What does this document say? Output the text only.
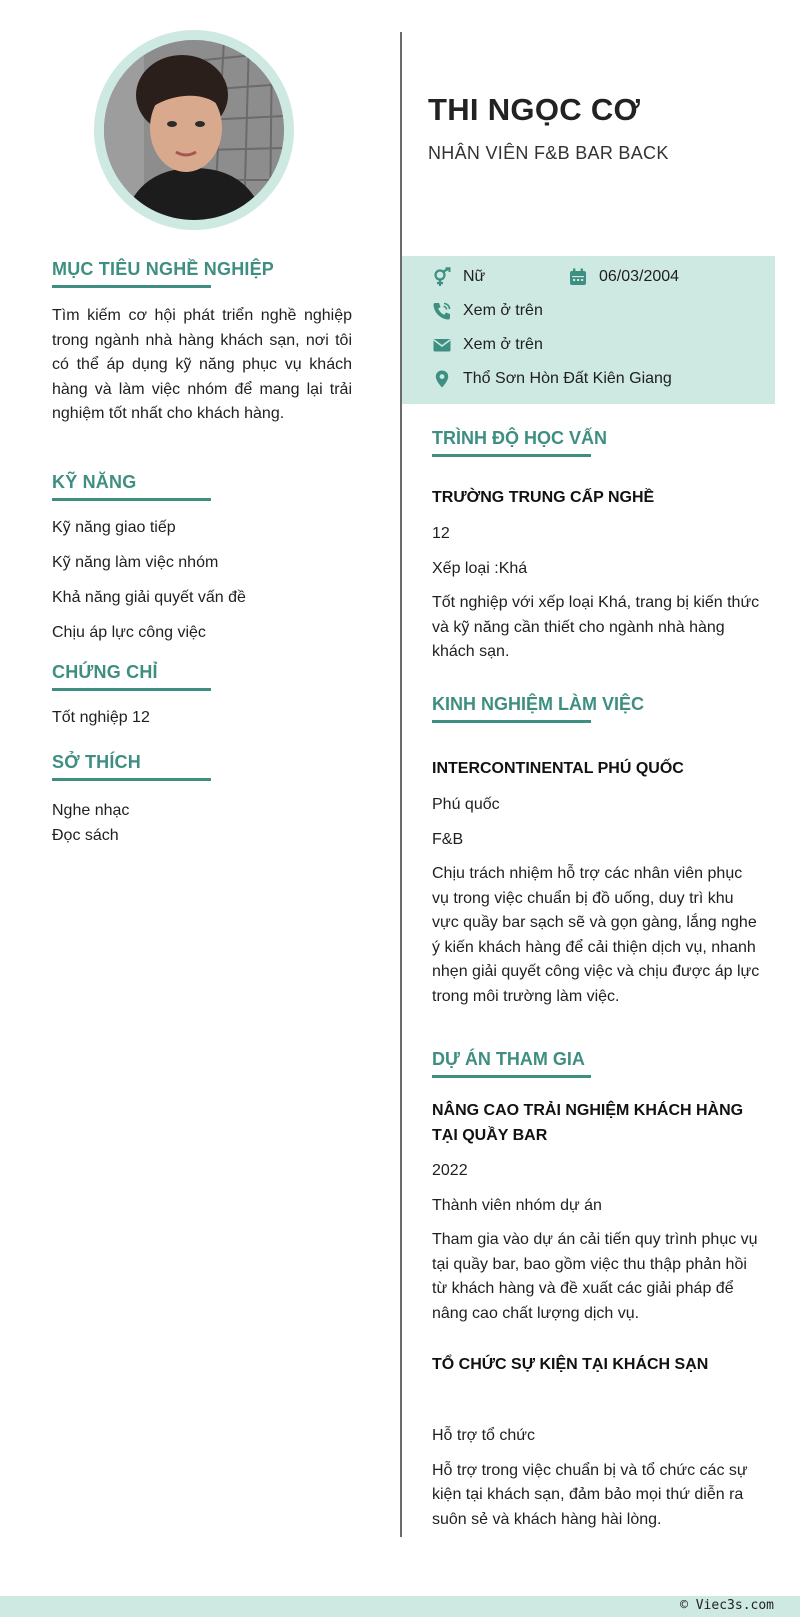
THI NGỌC CƠ
NHÂN VIÊN F&B BAR BACK
Nữ	06/03/2004
Xem ở trên
Xem ở trên
Thổ Sơn Hòn Đất Kiên Giang
MỤC TIÊU NGHỀ NGHIỆP
Tìm kiếm cơ hội phát triển nghề nghiệp trong ngành nhà hàng khách sạn, nơi tôi có thể áp dụng kỹ năng phục vụ khách hàng và làm việc nhóm để mang lại trải nghiệm tốt nhất cho khách hàng.
KỸ NĂNG
Kỹ năng giao tiếp
Kỹ năng làm việc nhóm
Khả năng giải quyết vấn đề
Chịu áp lực công việc
CHỨNG CHỈ
Tốt nghiệp 12
SỞ THÍCH
Nghe nhạc
Đọc sách
TRÌNH ĐỘ HỌC VẤN
TRƯỜNG TRUNG CẤP NGHỀ
12
Xếp loại :Khá
Tốt nghiệp với xếp loại Khá, trang bị kiến thức và kỹ năng cần thiết cho ngành nhà hàng khách sạn.
KINH NGHIỆM LÀM VIỆC
INTERCONTINENTAL PHÚ QUỐC
Phú quốc
F&B
Chịu trách nhiệm hỗ trợ các nhân viên phục vụ trong việc chuẩn bị đồ uống, duy trì khu vực quầy bar sạch sẽ và gọn gàng, lắng nghe ý kiến khách hàng để cải thiện dịch vụ, nhanh nhẹn giải quyết công việc và chịu được áp lực trong môi trường làm việc.
DỰ ÁN THAM GIA
NÂNG CAO TRẢI NGHIỆM KHÁCH HÀNG TẠI QUẦY BAR
2022
Thành viên nhóm dự án
Tham gia vào dự án cải tiến quy trình phục vụ tại quầy bar, bao gồm việc thu thập phản hồi từ khách hàng và đề xuất các giải pháp để nâng cao chất lượng dịch vụ.
TỔ CHỨC SỰ KIỆN TẠI KHÁCH SẠN
Hỗ trợ tổ chức
Hỗ trợ trong việc chuẩn bị và tổ chức các sự kiện tại khách sạn, đảm bảo mọi thứ diễn ra suôn sẻ và khách hàng hài lòng.
© Viec3s.com
